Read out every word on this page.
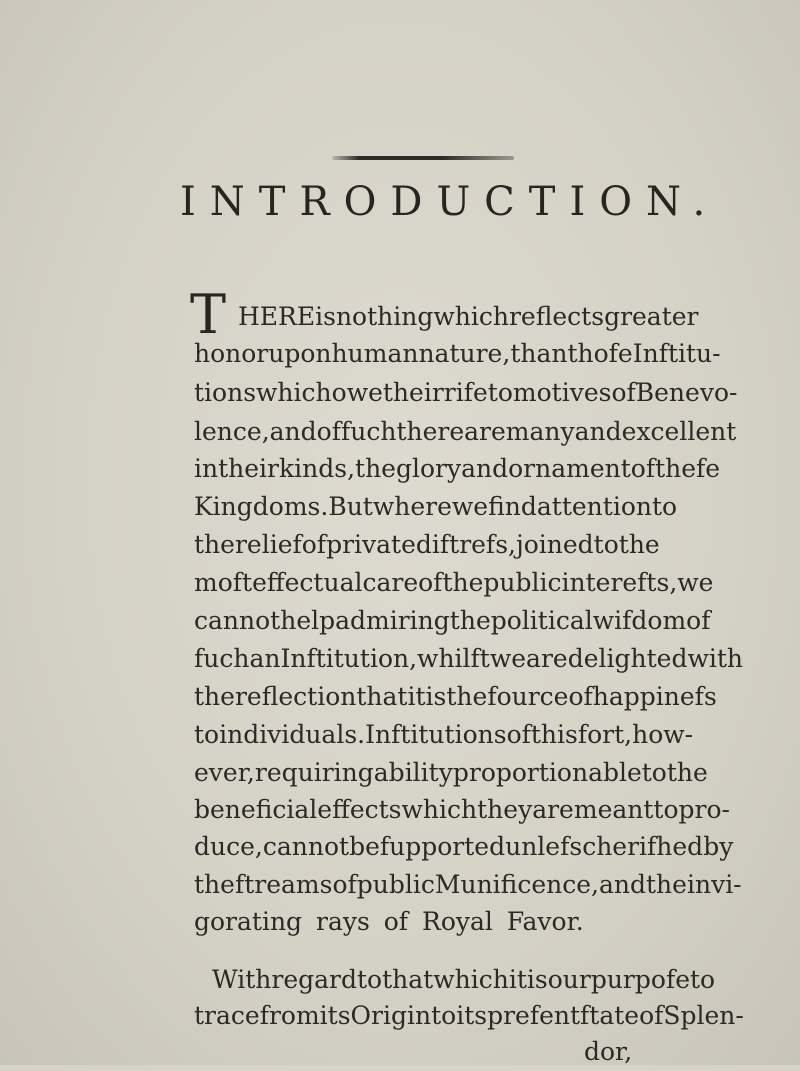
INTRODUCTION.
T HERE is nothing which reflects greater
honor upon human nature, than thofe Inftitu-
tions which owe their rife to motives of Benevo-
lence, and of fuch there are many and excellent
in their kinds, the glory and ornament of thefe
Kingdoms. But where we find attention to
the relief of private diftrefs, joined to the
moft effectual care of the public interefts, we
cannot help admiring the political wifdom of
fuch an Inftitution, whilft we are delighted with
the reflection that it is the fource of happinefs
to individuals. Inftitutions of this fort, how-
ever, requiring ability proportionable to the
beneficial effects which they are meant to pro-
duce, cannot be fupported unlefs cherifhed by
the ftreams of public Munificence, and the invi-
gorating rays of Royal Favor.
With regard to that which it is our purpofe to
trace from its Origin to its prefent ftate of Splen-
dor,
